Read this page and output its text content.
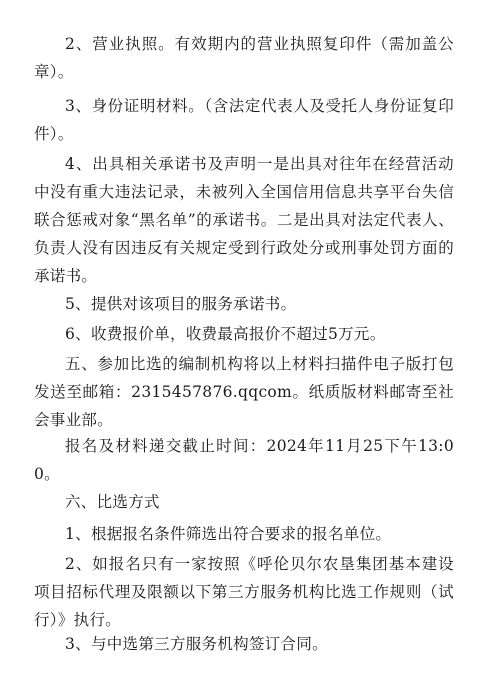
2、营业执照。有效期内的营业执照复印件（需加盖公章）。

3、身份证明材料。（含法定代表人及受托人身份证复印件）。

4、出具相关承诺书及声明一是出具对往年在经营活动中没有重大违法记录，未被列入全国信用信息共享平台失信联合惩戒对象“黑名单”的承诺书。二是出具对法定代表人、负责人没有因违反有关规定受到行政处分或刑事处罚方面的承诺书。

5、提供对该项目的服务承诺书。

6、收费报价单，收费最高报价不超过5万元。

五、参加比选的编制机构将以上材料扫描件电子版打包发送至邮箱：2315457876.qqcom。纸质版材料邮寄至社会事业部。

报名及材料递交截止时间：2024年11月25下午13:00。

六、比选方式

1、根据报名条件筛选出符合要求的报名单位。

2、如报名只有一家按照《呼伦贝尔农垦集团基本建设项目招标代理及限额以下第三方服务机构比选工作规则（试行）》执行。

3、与中选第三方服务机构签订合同。
